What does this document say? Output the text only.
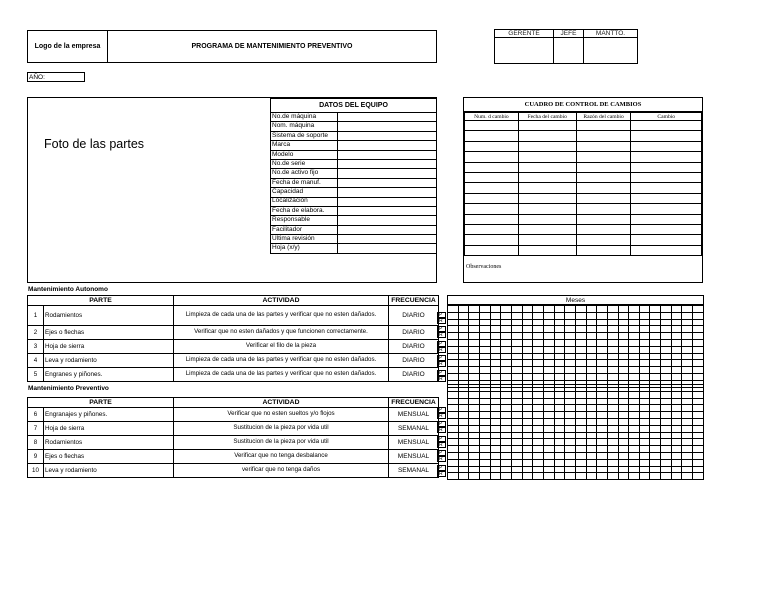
Logo de la empresa	PROGRAMA DE MANTENIMIENTO PREVENTIVO
GERENTE	JEFE	MANTTO.

AÑO:
Foto de las partes
DATOS DEL EQUIPO	
No.de máquina	
Nom. máquina	
Sistema de soporte	
Marca	
Modelo	
No.de serie	
No.de activo fijo	
Fecha de manuf.	
Capacidad	
Localización	
Fecha de elabora.	
Responsable	
Facilitador	
Ultima revisión	
Hoja (x/y)	
CUADRO DE CONTROL DE CAMBIOS
Num. d cambio	Fecha del cambio	Razón del cambio	Cambio

Observaciones
Mantenimiento Autonomo
PARTE		ACTIVIDAD	FRECUENCIA
1	Rodamientos	Limpieza de cada una de las partes y verificar que no esten dañados.	DIARIO
2	Ejes o flechas	Verificar que no esten dañados y que funcionen correctamente.	DIARIO
3	Hoja de sierra	Verificar el filo de la pieza	DIARIO
4	Leva y rodamiento	Limpieza de cada una de las partes y verificar que no esten dañados.	DIARIO
5	Engranes y piñones.	Limpieza de cada una de las partes y verificar que no esten dañados.	DIARIO
Meses
P
R
P
R
P
R
P
R
P
R

Mantenimiento Preventivo
PARTE		ACTIVIDAD	FRECUENCIA
6	Engranajes y piñones.	Verificar que no esten sueltos y/o flojos	MENSUAL
7	Hoja de sierra	Sustitucion de la pieza por vida util	SEMANAL
8	Rodamientos	Sustitucion de la pieza por vida util	MENSUAL
9	Ejes o flechas	Verificar que no tenga desbalance	MENSUAL
10	Leva y rodamiento	verificar que no tenga daños	SEMANAL
P
R
P
R
P
R
P
R
P
R
